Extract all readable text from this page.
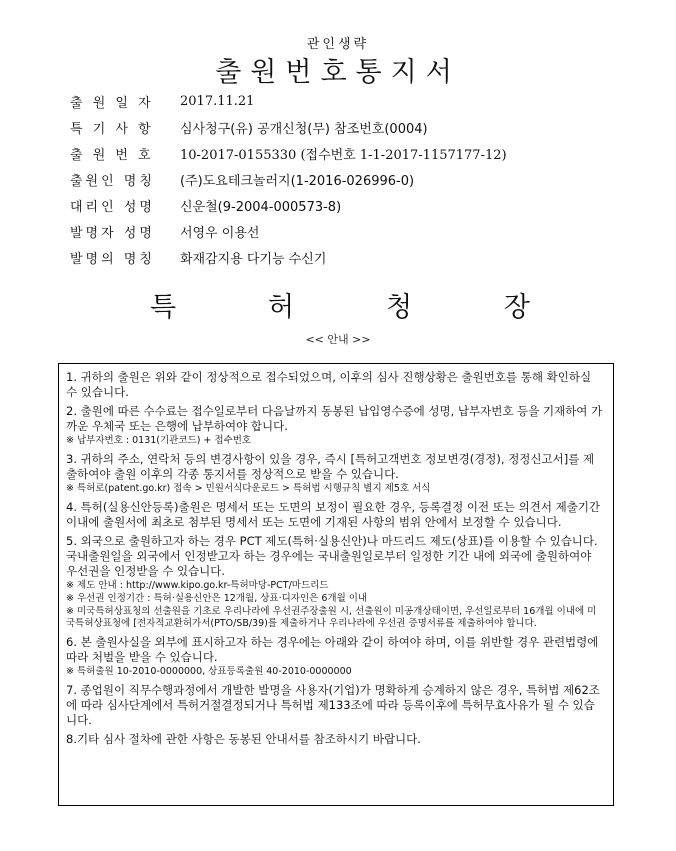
관인생략
출원번호통지서
출 원 일 자	2017.11.21
특 기 사 항	심사청구(유) 공개신청(무) 참조번호(0004)
출 원 번 호	10-2017-0155330 (접수번호 1-1-2017-1157177-12)
출원인 명칭	(주)도요테크놀러지(1-2016-026996-0)
대리인 성명	신운철(9-2004-000573-8)
발명자 성명	서영우 이용선
발명의 명칭	화재감지용 다기능 수신기
특	허	청	장
<< 안내 >>

1. 귀하의 출원은 위와 같이 정상적으로 접수되었으며, 이후의 심사 진행상황은 출원번호를 통해 확인하실 수 있습니다.

2. 출원에 따른 수수료는 접수일로부터 다음날까지 동봉된 납입영수증에 성명, 납부자번호 등을 기재하여 가까운 우체국 또는 은행에 납부하여야 합니다.

※ 납부자번호 : 0131(기관코드) + 접수번호

3. 귀하의 주소, 연락처 등의 변경사항이 있을 경우, 즉시 [특허고객번호 정보변경(경정), 정정신고서]를 제출하여야 출원 이후의 각종 통지서를 정상적으로 받을 수 있습니다.

※ 특허로(patent.go.kr) 접속 > 민원서식다운로드 > 특허법 시행규칙 별지 제5호 서식

4. 특허(실용신안등록)출원은 명세서 또는 도면의 보정이 필요한 경우, 등록결정 이전 또는 의견서 제출기간 이내에 출원서에 최초로 첨부된 명세서 또는 도면에 기재된 사항의 범위 안에서 보정할 수 있습니다.

5. 외국으로 출원하고자 하는 경우 PCT 제도(특허·실용신안)나 마드리드 제도(상표)를 이용할 수 있습니다. 국내출원일을 외국에서 인정받고자 하는 경우에는 국내출원일로부터 일정한 기간 내에 외국에 출원하여야 우선권을 인정받을 수 있습니다.

※ 제도 안내 : http://www.kipo.go.kr-특허마당-PCT/마드리드

※ 우선권 인정기간 : 특허·실용신안은 12개월, 상표·디자인은 6개월 이내

※ 미국특허상표청의 선출원을 기초로 우리나라에 우선권주장출원 시, 선출원이 미공개상태이면, 우선일로부터 16개월 이내에 미국특허상표청에 [전자적교환허가서(PTO/SB/39)를 제출하거나 우리나라에 우선권 증명서류를 제출하여야 합니다.

6. 본 출원사실을 외부에 표시하고자 하는 경우에는 아래와 같이 하여야 하며, 이를 위반할 경우 관련법령에 따라 처벌을 받을 수 있습니다.

※ 특허출원 10-2010-0000000, 상표등록출원 40-2010-0000000

7. 종업원이 직무수행과정에서 개발한 발명을 사용자(기업)가 명확하게 승계하지 않은 경우, 특허법 제62조에 따라 심사단계에서 특허거절결정되거나 특허법 제133조에 따라 등록이후에 특허무효사유가 될 수 있습니다.

8.기타 심사 절차에 관한 사항은 동봉된 안내서를 참조하시기 바랍니다.
